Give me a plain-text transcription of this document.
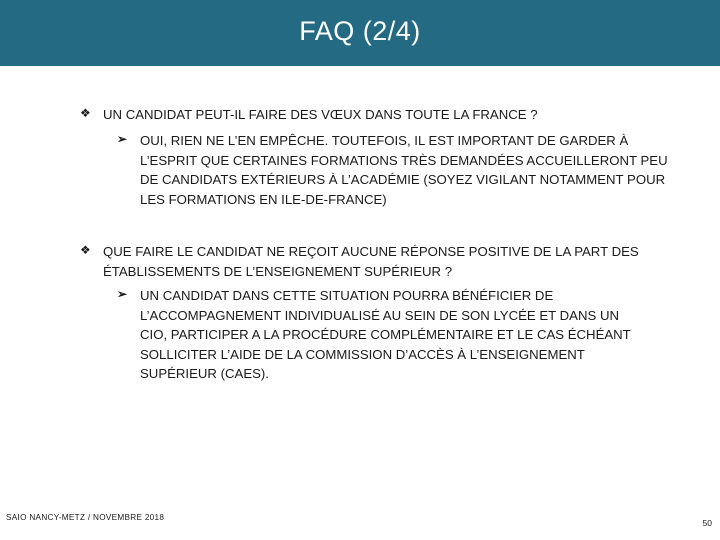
FAQ (2/4)
❖ UN CANDIDAT PEUT-IL FAIRE DES VŒUX DANS TOUTE LA FRANCE ?
➢ OUI, RIEN NE L’EN EMPÊCHE. TOUTEFOIS, IL EST IMPORTANT DE GARDER À L’ESPRIT QUE CERTAINES FORMATIONS TRÈS DEMANDÉES ACCUEILLERONT PEU DE CANDIDATS EXTÉRIEURS À L’ACADÉMIE (SOYEZ VIGILANT NOTAMMENT POUR LES FORMATIONS EN ILE-DE-FRANCE)
❖ QUE FAIRE LE CANDIDAT NE REÇOIT AUCUNE RÉPONSE POSITIVE DE LA PART DES ÉTABLISSEMENTS DE L’ENSEIGNEMENT SUPÉRIEUR ?
➢ UN CANDIDAT DANS CETTE SITUATION POURRA BÉNÉFICIER DE L’ACCOMPAGNEMENT INDIVIDUALISÉ AU SEIN DE SON LYCÉE ET DANS UN CIO, PARTICIPER A LA PROCÉDURE COMPLÉMENTAIRE ET LE CAS ÉCHÉANT SOLLICITER L’AIDE DE LA COMMISSION D’ACCÈS À L’ENSEIGNEMENT SUPÉRIEUR (CAES).
SAIO NANCY-METZ / NOVEMBRE 2018
50
